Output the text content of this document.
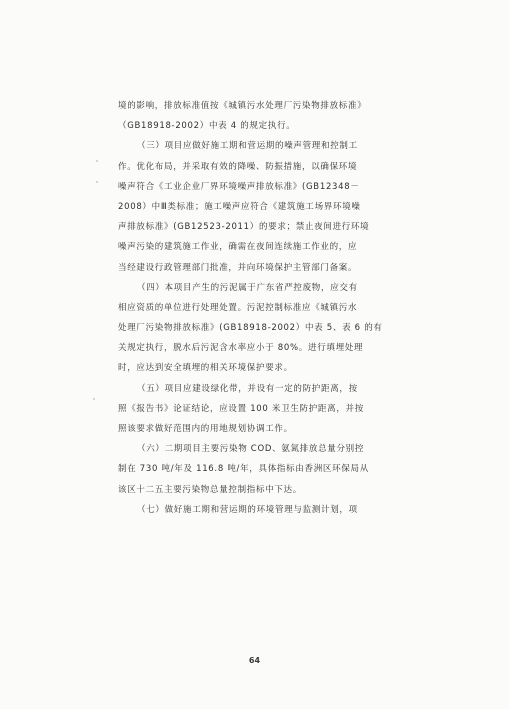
境的影响，排放标准值按《城镇污水处理厂污染物排放标准》
（GB18918-2002）中表 4 的规定执行。
（三）项目应做好施工期和营运期的噪声管理和控制工
作。优化布局，并采取有效的降噪、防振措施，以确保环境
噪声符合《工业企业厂界环境噪声排放标准》(GB12348－
2008）中Ⅲ类标准；施工噪声应符合《建筑施工场界环境噪
声排放标准》(GB12523-2011）的要求；禁止夜间进行环境
噪声污染的建筑施工作业，确需在夜间连续施工作业的，应
当经建设行政管理部门批准，并向环境保护主管部门备案。
（四）本项目产生的污泥属于广东省严控废物，应交有
相应资质的单位进行处理处置。污泥控制标准应《城镇污水
处理厂污染物排放标准》(GB18918-2002）中表 5、表 6 的有
关规定执行，脱水后污泥含水率应小于 80%。进行填埋处理
时，应达到安全填埋的相关环境保护要求。
（五）项目应建设绿化带，并设有一定的防护距离，按
照《报告书》论证结论，应设置 100 米卫生防护距离，并按
照该要求做好范围内的用地规划协调工作。
（六）二期项目主要污染物 COD、氨氮排放总量分别控
制在 730 吨/年及 116.8 吨/年，具体指标由香洲区环保局从
该区十二五主要污染物总量控制指标中下达。
（七）做好施工期和营运期的环境管理与监测计划，项
64
